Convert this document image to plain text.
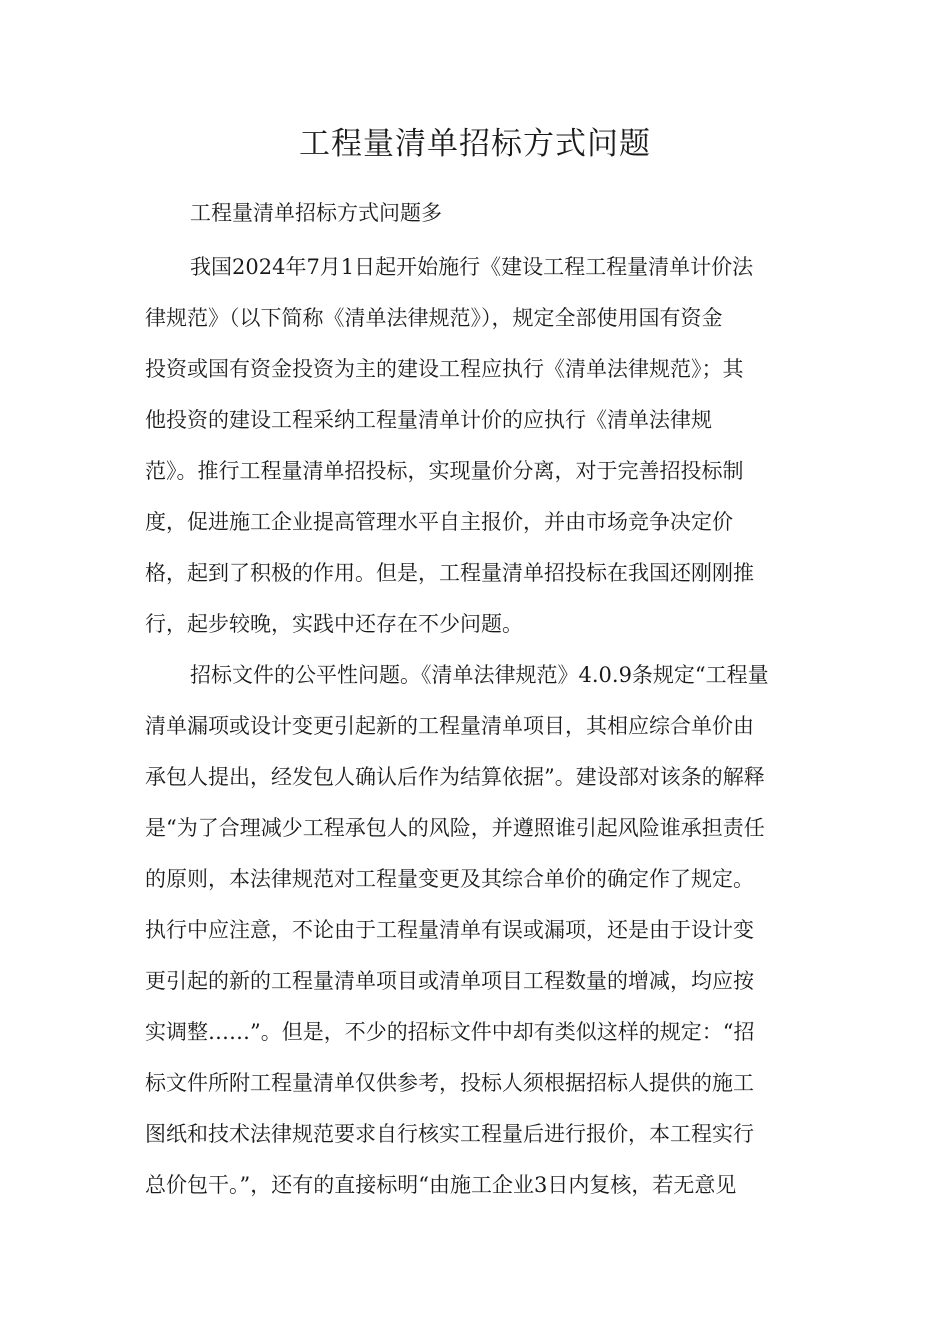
工程量清单招标方式问题

工程量清单招标方式问题多

我国2024年7月1日起开始施行《建设工程工程量清单计价法

律规范》（以下简称《清单法律规范》），规定全部使用国有资金

投资或国有资金投资为主的建设工程应执行《清单法律规范》；其

他投资的建设工程采纳工程量清单计价的应执行《清单法律规

范》。推行工程量清单招投标，实现量价分离，对于完善招投标制

度，促进施工企业提高管理水平自主报价，并由市场竞争决定价

格，起到了积极的作用。但是，工程量清单招投标在我国还刚刚推

行，起步较晚，实践中还存在不少问题。

招标文件的公平性问题。《清单法律规范》4.0.9条规定“工程量

清单漏项或设计变更引起新的工程量清单项目，其相应综合单价由

承包人提出，经发包人确认后作为结算依据”。建设部对该条的解释

是“为了合理减少工程承包人的风险，并遵照谁引起风险谁承担责任

的原则，本法律规范对工程量变更及其综合单价的确定作了规定。

执行中应注意，不论由于工程量清单有误或漏项，还是由于设计变

更引起的新的工程量清单项目或清单项目工程数量的增减，均应按

实调整……”。但是，不少的招标文件中却有类似这样的规定：“招

标文件所附工程量清单仅供参考，投标人须根据招标人提供的施工

图纸和技术法律规范要求自行核实工程量后进行报价，本工程实行

总价包干。”，还有的直接标明“由施工企业3日内复核，若无意见
